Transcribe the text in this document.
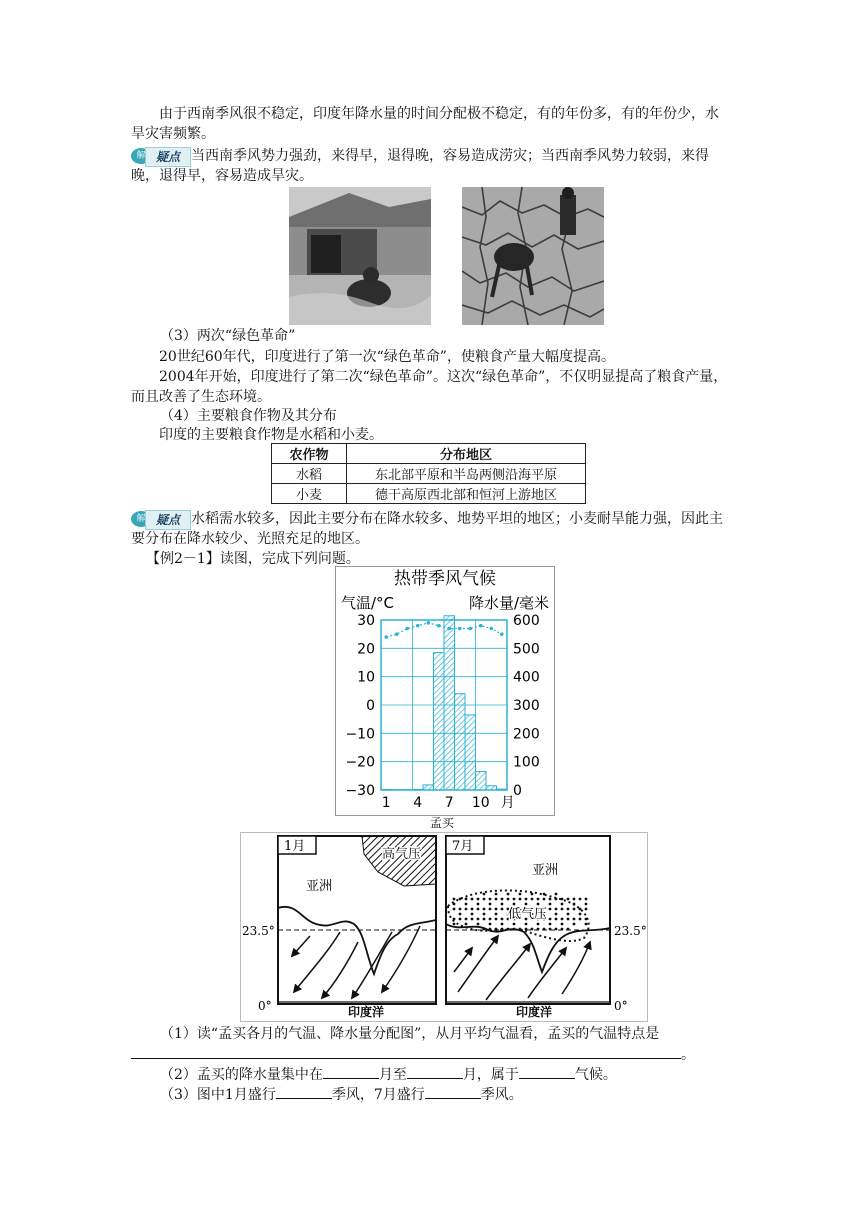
由于西南季风很不稳定，印度年降水量的时间分配极不稳定，有的年份多，有的年份少，水旱灾害频繁。

解 疑点 当西南季风势力强劲，来得早，退得晚，容易造成涝灾；当西南季风势力较弱，来得晚，退得早，容易造成旱灾。

（3）两次“绿色革命”

20世纪60年代，印度进行了第一次“绿色革命”，使粮食产量大幅度提高。

2004年开始，印度进行了第二次“绿色革命”。这次“绿色革命”，不仅明显提高了粮食产量，而且改善了生态环境。

（4）主要粮食作物及其分布

印度的主要粮食作物是水稻和小麦。

农作物	分布地区
水稻	东北部平原和半岛两侧沿海平原
小麦	德干高原西北部和恒河上游地区

解 疑点 水稻需水较多，因此主要分布在降水较多、地势平坦的地区；小麦耐旱能力强，因此主要分布在降水较少、光照充足的地区。

【例2－1】读图，完成下列问题。

热带季风气候
气温/°C	降水量/毫米
30
20
10
0
−10
−20
−30
600
500
400
300
200
100
0
1 4 7 10 月

孟买

1月
高气压
亚洲
印度洋
7月
亚洲
低气压
印度洋
23.5°	23.5°
0°	0°

（1）读“孟买各月的气温、降水量分配图”，从月平均气温看，孟买的气温特点是

。

（2）孟买的降水量集中在	月至	月，属于	气候。

（3）图中1月盛行	季风，7月盛行	季风。
